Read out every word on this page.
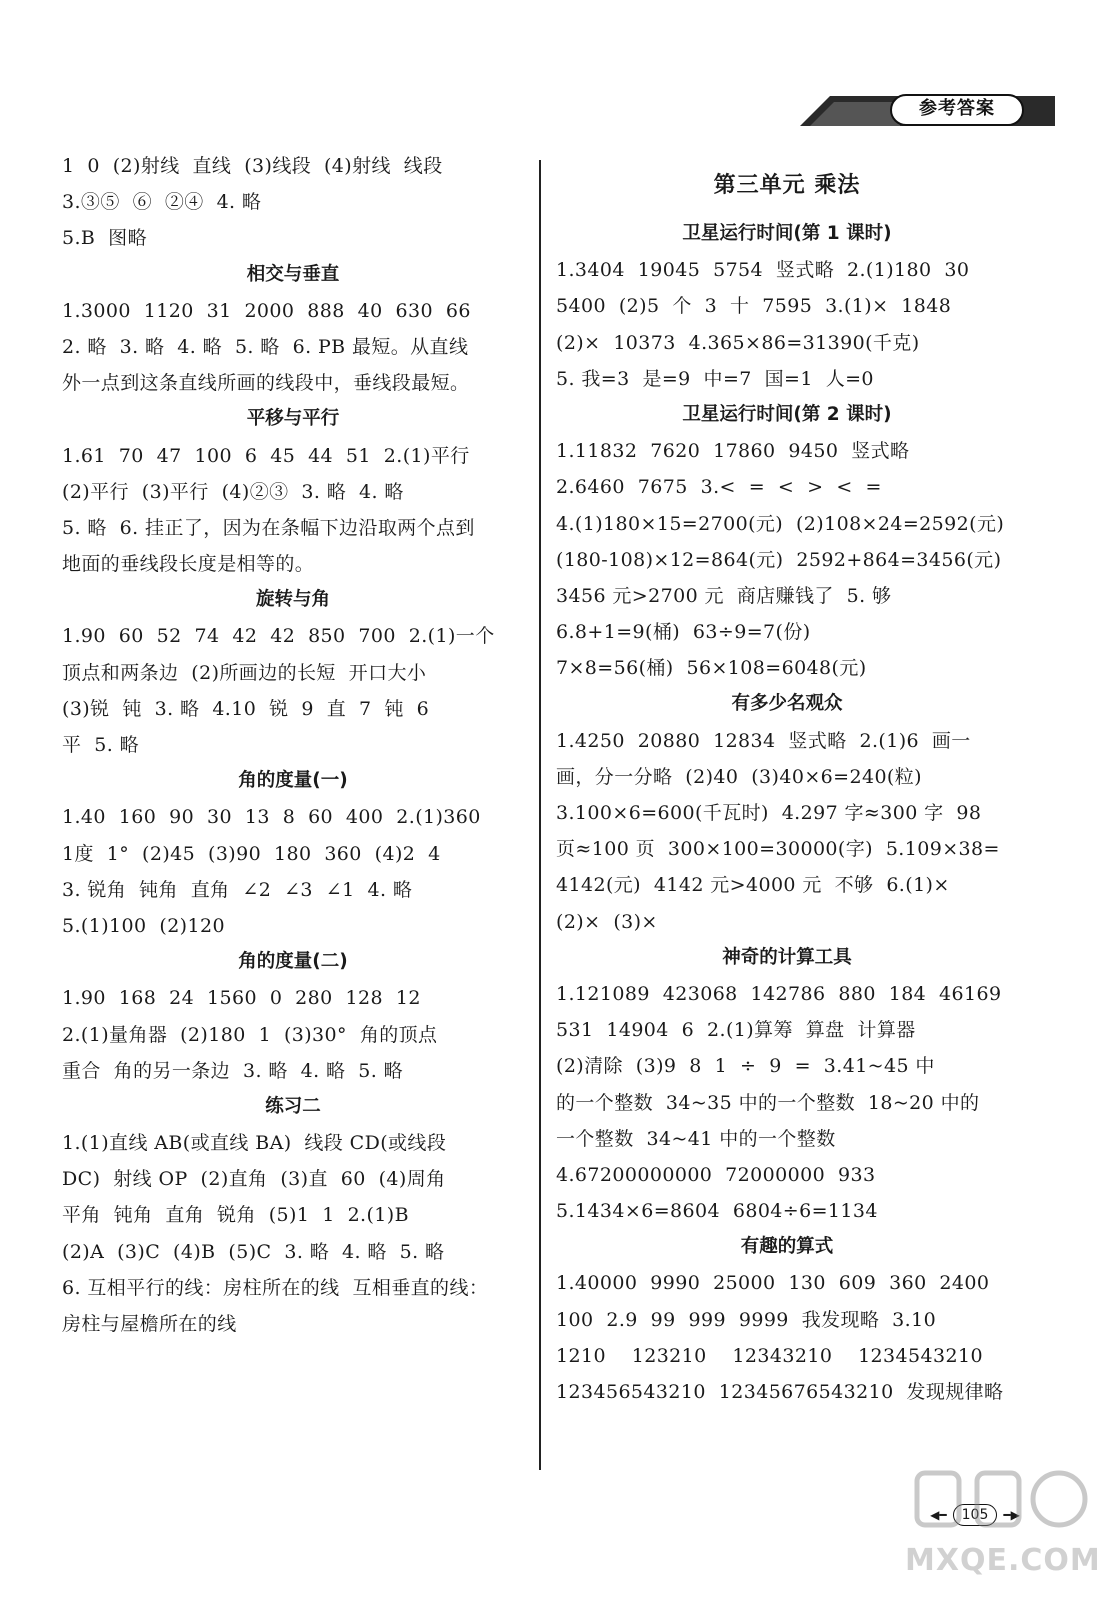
参考答案
1  0  (2)射线  直线  (3)线段  (4)射线  线段
3.③⑤  ⑥  ②④  4. 略
5.B  图略
相交与垂直
1.3000  1120  31  2000  888  40  630  66
2. 略  3. 略  4. 略  5. 略  6. PB 最短。从直线
外一点到这条直线所画的线段中，垂线段最短。
平移与平行
1.61  70  47  100  6  45  44  51  2.(1)平行
(2)平行  (3)平行  (4)②③  3. 略  4. 略
5. 略  6. 挂正了，因为在条幅下边沿取两个点到
地面的垂线段长度是相等的。
旋转与角
1.90  60  52  74  42  42  850  700  2.(1)一个
顶点和两条边  (2)所画边的长短  开口大小
(3)锐  钝  3. 略  4.10  锐  9  直  7  钝  6
平  5. 略
角的度量(一)
1.40  160  90  30  13  8  60  400  2.(1)360
1度  1°  (2)45  (3)90  180  360  (4)2  4
3. 锐角  钝角  直角  ∠2  ∠3  ∠1  4. 略
5.(1)100  (2)120
角的度量(二)
1.90  168  24  1560  0  280  128  12
2.(1)量角器  (2)180  1  (3)30°  角的顶点
重合  角的另一条边  3. 略  4. 略  5. 略
练习二
1.(1)直线 AB(或直线 BA)  线段 CD(或线段
DC)  射线 OP  (2)直角  (3)直  60  (4)周角
平角  钝角  直角  锐角  (5)1  1  2.(1)B
(2)A  (3)C  (4)B  (5)C  3. 略  4. 略  5. 略
6. 互相平行的线：房柱所在的线  互相垂直的线：
房柱与屋檐所在的线
第三单元 乘法
卫星运行时间(第 1 课时)
1.3404  19045  5754  竖式略  2.(1)180  30
5400  (2)5  个  3  十  7595  3.(1)×  1848
(2)×  10373  4.365×86=31390(千克)
5. 我=3  是=9  中=7  国=1  人=0
卫星运行时间(第 2 课时)
1.11832  7620  17860  9450  竖式略
2.6460  7675  3.<  =  <  >  <  =
4.(1)180×15=2700(元)  (2)108×24=2592(元)
(180-108)×12=864(元)  2592+864=3456(元)
3456 元>2700 元  商店赚钱了  5. 够
6.8+1=9(桶)  63÷9=7(份)
7×8=56(桶)  56×108=6048(元)
有多少名观众
1.4250  20880  12834  竖式略  2.(1)6  画一
画，分一分略  (2)40  (3)40×6=240(粒)
3.100×6=600(千瓦时)  4.297 字≈300 字  98
页≈100 页  300×100=30000(字)  5.109×38=
4142(元)  4142 元>4000 元  不够  6.(1)×
(2)×  (3)×
神奇的计算工具
1.121089  423068  142786  880  184  46169
531  14904  6  2.(1)算筹  算盘  计算器
(2)清除  (3)9  8  1  ÷  9  =  3.41~45 中
的一个整数  34~35 中的一个整数  18~20 中的
一个整数  34~41 中的一个整数
4.67200000000  72000000  933
5.1434×6=8604  6804÷6=1134
有趣的算式
1.40000  9990  25000  130  609  360  2400
100  2.9  99  999  9999  我发现略  3.10
1210    123210    12343210    1234543210
123456543210  12345676543210  发现规律略
◀━ 105 ━▶
MXQE.COM
